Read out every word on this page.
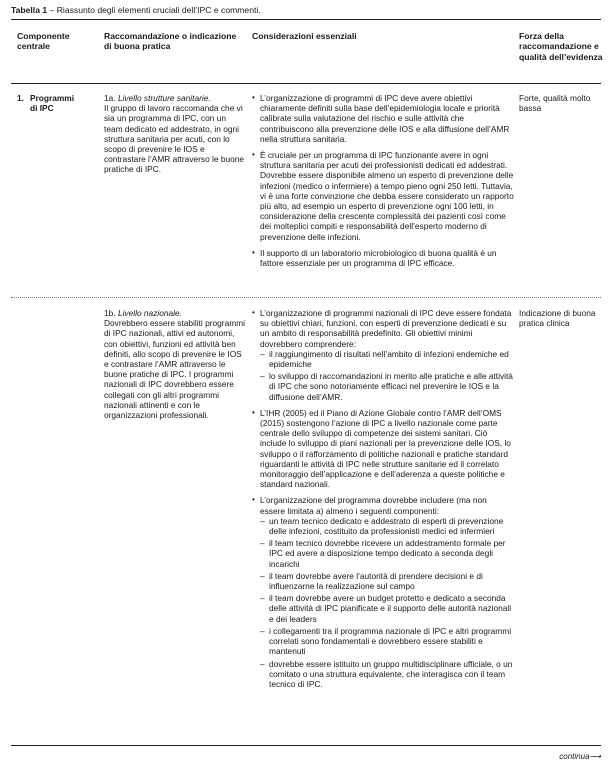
Tabella 1 – Riassunto degli elementi cruciali dell’IPC e commenti.
Componente centrale
Raccomandazione o indicazione di buona pratica
Considerazioni essenziali	Forza della raccomandazione e qualità dell’evidenza
1. Programmi di IPC
1a. Livello strutture sanitarie.
Il gruppo di lavoro raccomanda che vi sia un programma di IPC, con un team dedicato ed addestrato, in ogni struttura sanitaria per acuti, con lo scopo di prevenire le IOS e contrastare l’AMR attraverso le buone pratiche di IPC.
• L’organizzazione di programmi di IPC deve avere obiettivi chiaramente definiti sulla base dell’epidemiologia locale e priorità calibrate sulla valutazione del rischio e sulle attività che contribuiscono alla prevenzione delle IOS e alla diffusione dell’AMR nella struttura sanitaria.
• È cruciale per un programma di IPC funzionante avere in ogni struttura sanitaria per acuti dei professionisti dedicati ed addestrati. Dovrebbe essere disponibile almeno un esperto di prevenzione delle infezioni (medico o infermiere) a tempo pieno ogni 250 letti. Tuttavia, vi è una forte convinzione che debba essere considerato un rapporto più alto, ad esempio un esperto di prevenzione ogni 100 letti, in considerazione della crescente complessità dei pazienti così come dei molteplici compiti e responsabilità dell’esperto moderno di prevenzione delle infezioni.
• Il supporto di un laboratorio microbiologico di buona qualità è un fattore essenziale per un programma di IPC efficace.
Forte, qualità molto bassa
1b. Livello nazionale.
Dovrebbero essere stabiliti programmi di IPC nazionali, attivi ed autonomi, con obiettivi, funzioni ed attività ben definiti, allo scopo di prevenire le IOS e contrastare l’AMR attraverso le buone pratiche di IPC. I programmi nazionali di IPC dovrebbero essere collegati con gli altri programmi nazionali attinenti e con le organizzazioni professionali.
• L’organizzazione di programmi nazionali di IPC deve essere fondata su obiettivi chiari, funzioni, con esperti di prevenzione dedicati e su un ambito di responsabilità predefinito. Gli obiettivi minimi dovrebbero comprendere:
– il raggiungimento di risultati nell’ambito di infezioni endemiche ed epidemiche
– lo sviluppo di raccomandazioni in merito alle pratiche e alle attività di IPC che sono notoriamente efficaci nel prevenire le IOS e la diffusione dell’AMR.
• L’IHR (2005) ed il Piano di Azione Globale contro l’AMR dell’OMS (2015) sostengono l’azione di IPC a livello nazionale come parte centrale dello sviluppo di competenze dei sistemi sanitari. Ciò include lo sviluppo di piani nazionali per la prevenzione delle IOS, lo sviluppo o il rafforzamento di politiche nazionali e pratiche standard riguardanti le attività di IPC nelle strutture sanitarie ed il correlato monitoraggio dell’applicazione e dell’aderenza a queste politiche e standard nazionali.
• L’organizzazione del programma dovrebbe includere (ma non essere limitata a) almeno i seguenti componenti:
– un team tecnico dedicato e addestrato di esperti di prevenzione delle infezioni, costituito da professionisti medici ed infermieri
– il team tecnico dovrebbe ricevere un addestramento formale per IPC ed avere a disposizione tempo dedicato a seconda degli incarichi
– il team dovrebbe avere l’autorità di prendere decisioni e di influenzarne la realizzazione sul campo
– il team dovrebbe avere un budget protetto e dedicato a seconda delle attività di IPC pianificate e il supporto delle autorità nazionali e dei leaders
– i collegamenti tra il programma nazionale di IPC e altri programmi correlati sono fondamentali e dovrebbero essere stabiliti e mantenuti
– dovrebbe essere istituito un gruppo multidisciplinare ufficiale, o un comitato o una struttura equivalente, che interagisca con il team tecnico di IPC.
Indicazione di buona pratica clinica
continua⟶
